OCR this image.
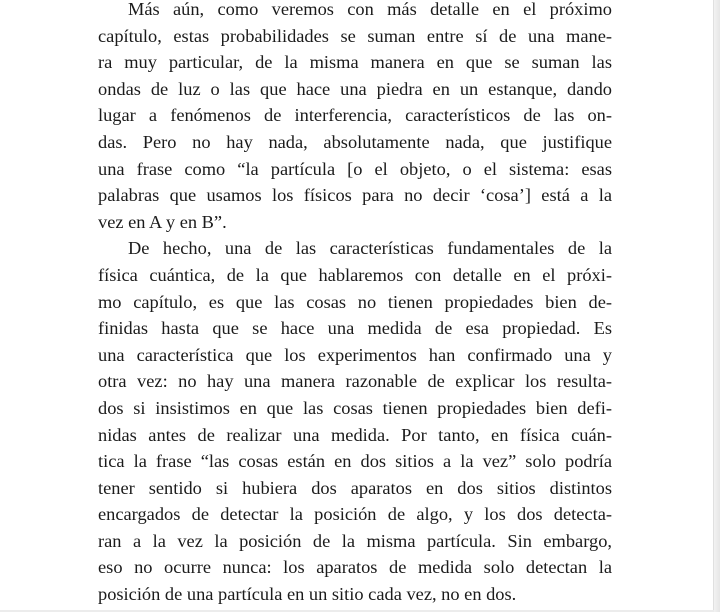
Más aún, como veremos con más detalle en el próximo
capítulo, estas probabilidades se suman entre sí de una mane-
ra muy particular, de la misma manera en que se suman las
ondas de luz o las que hace una piedra en un estanque, dando
lugar a fenómenos de interferencia, característicos de las on-
das. Pero no hay nada, absolutamente nada, que justifique
una frase como “la partícula [o el objeto, o el sistema: esas
palabras que usamos los físicos para no decir ‘cosa’] está a la
vez en A y en B”.
De hecho, una de las características fundamentales de la
física cuántica, de la que hablaremos con detalle en el próxi-
mo capítulo, es que las cosas no tienen propiedades bien de-
finidas hasta que se hace una medida de esa propiedad. Es
una característica que los experimentos han confirmado una y
otra vez: no hay una manera razonable de explicar los resulta-
dos si insistimos en que las cosas tienen propiedades bien defi-
nidas antes de realizar una medida. Por tanto, en física cuán-
tica la frase “las cosas están en dos sitios a la vez” solo podría
tener sentido si hubiera dos aparatos en dos sitios distintos
encargados de detectar la posición de algo, y los dos detecta-
ran a la vez la posición de la misma partícula. Sin embargo,
eso no ocurre nunca: los aparatos de medida solo detectan la
posición de una partícula en un sitio cada vez, no en dos.
